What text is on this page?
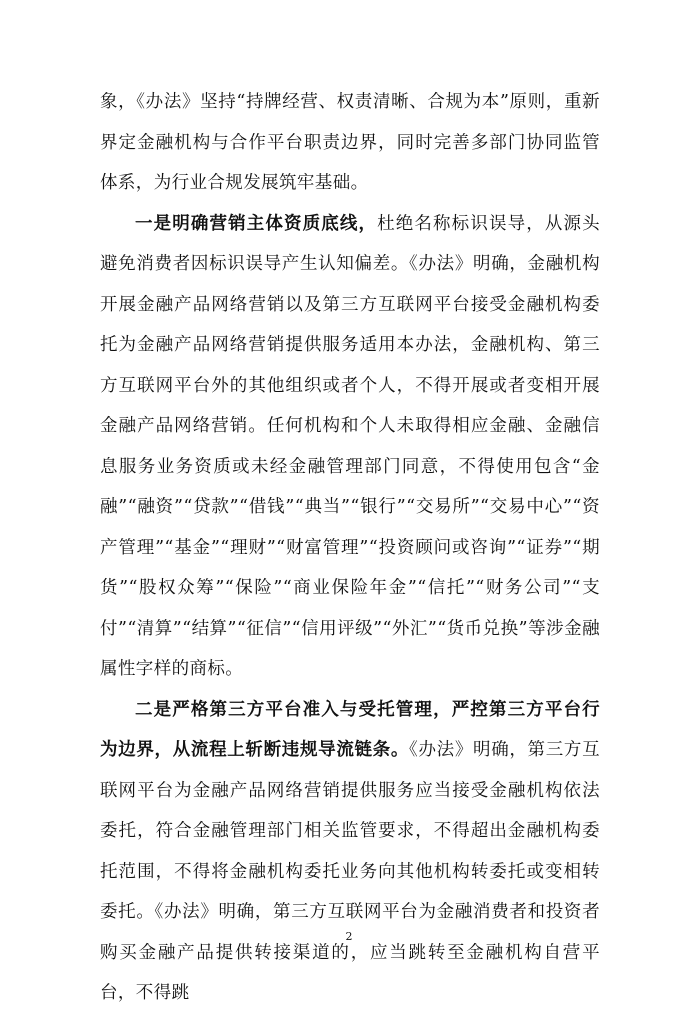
象，《办法》坚持“持牌经营、权责清晰、合规为本”原则，重新界定金融机构与合作平台职责边界，同时完善多部门协同监管体系，为行业合规发展筑牢基础。

一是明确营销主体资质底线，杜绝名称标识误导，从源头避免消费者因标识误导产生认知偏差。《办法》明确，金融机构开展金融产品网络营销以及第三方互联网平台接受金融机构委托为金融产品网络营销提供服务适用本办法，金融机构、第三方互联网平台外的其他组织或者个人，不得开展或者变相开展金融产品网络营销。任何机构和个人未取得相应金融、金融信息服务业务资质或未经金融管理部门同意，不得使用包含“金融”“融资”“贷款”“借钱”“典当”“银行”“交易所”“交易中心”“资产管理”“基金”“理财”“财富管理”“投资顾问或咨询”“证券”“期货”“股权众筹”“保险”“商业保险年金”“信托”“财务公司”“支付”“清算”“结算”“征信”“信用评级”“外汇”“货币兑换”等涉金融属性字样的商标。

二是严格第三方平台准入与受托管理，严控第三方平台行为边界，从流程上斩断违规导流链条。《办法》明确，第三方互联网平台为金融产品网络营销提供服务应当接受金融机构依法委托，符合金融管理部门相关监管要求，不得超出金融机构委托范围，不得将金融机构委托业务向其他机构转委托或变相转委托。《办法》明确，第三方互联网平台为金融消费者和投资者购买金融产品提供转接渠道的，应当跳转至金融机构自营平台，不得跳

2
